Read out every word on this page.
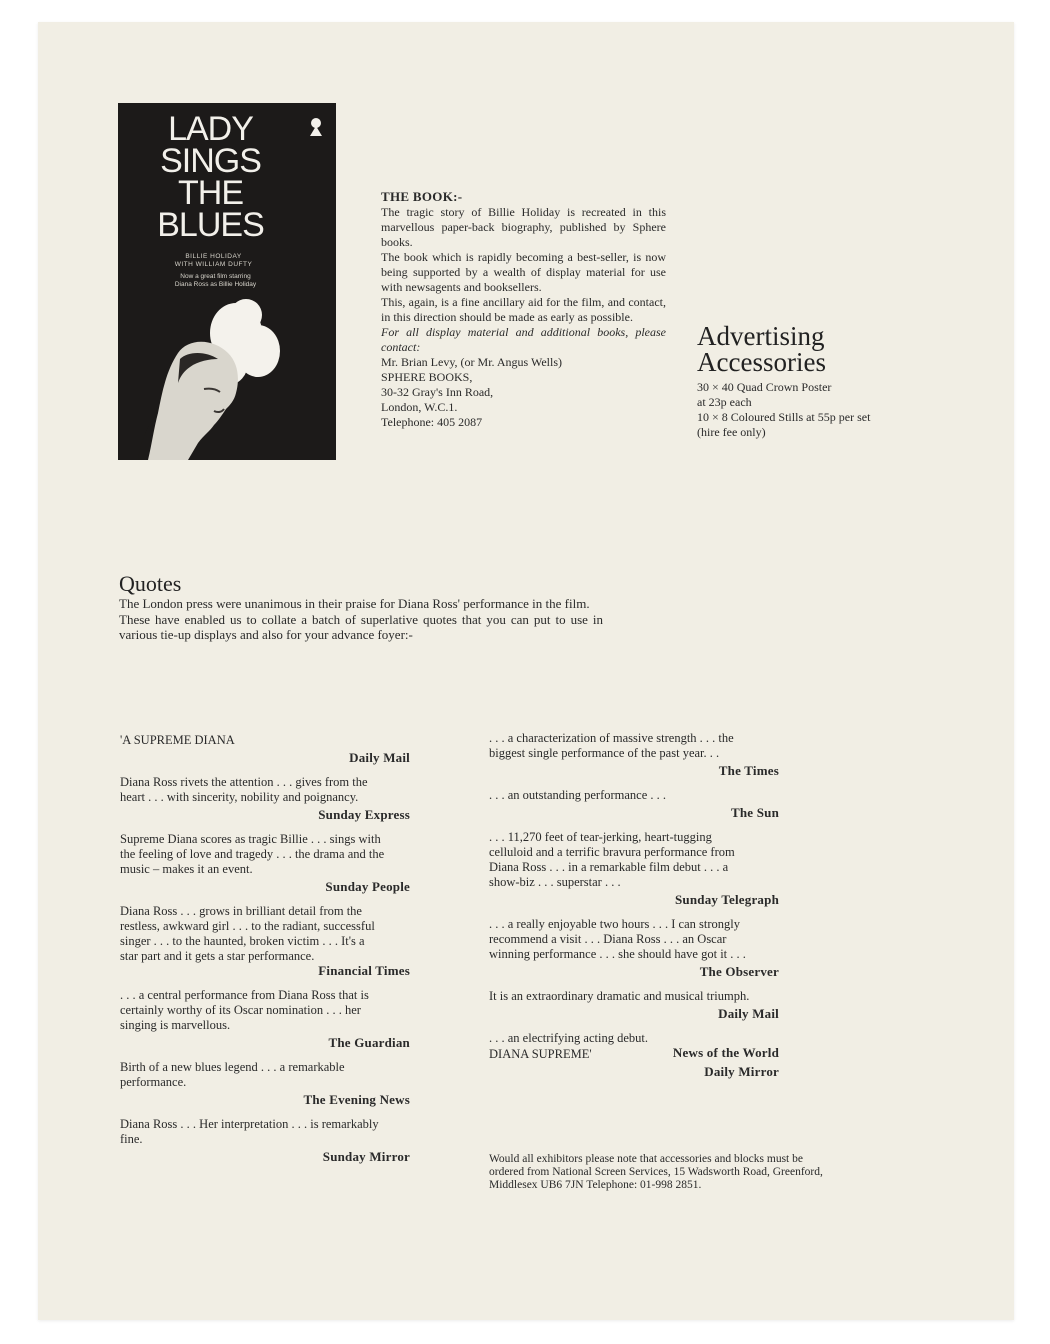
LADY
SINGS
THE
BLUES
BILLIE HOLIDAY
WITH WILLIAM DUFTY
Now a great film starring
Diana Ross as Billie Holiday

THE BOOK:-

The tragic story of Billie Holiday is recreated in this marvellous paper-back biography, published by Sphere books.

The book which is rapidly becoming a best-seller, is now being supported by a wealth of display material for use with newsagents and booksellers.

This, again, is a fine ancillary aid for the film, and contact, in this direction should be made as early as possible.

For all display material and additional books, please contact:

Mr. Brian Levy, (or Mr. Angus Wells)

SPHERE BOOKS,

30-32 Gray's Inn Road,

London, W.C.1.

Telephone: 405 2087

Advertising
Accessories

30 × 40 Quad Crown Poster

at 23p each

10 × 8 Coloured Stills at 55p per set

(hire fee only)

Quotes

The London press were unanimous in their praise for Diana Ross' performance in the film.

These have enabled us to collate a batch of superlative quotes that you can put to use in various tie-up displays and also for your advance foyer:-

'A SUPREME DIANA
Daily Mail
Diana Ross rivets the attention . . . gives from the heart . . . with sincerity, nobility and poignancy.
Sunday Express
Supreme Diana scores as tragic Billie . . . sings with the feeling of love and tragedy . . . the drama and the music – makes it an event.
Sunday People
Diana Ross . . . grows in brilliant detail from the restless, awkward girl . . . to the radiant, successful singer . . . to the haunted, broken victim . . . It's a star part and it gets a star performance.
Financial Times
. . . a central performance from Diana Ross that is certainly worthy of its Oscar nomination . . . her singing is marvellous.
The Guardian
Birth of a new blues legend . . . a remarkable performance.
The Evening News
Diana Ross . . . Her interpretation . . . is remarkably fine.
Sunday Mirror
. . . a characterization of massive strength . . . the biggest single performance of the past year. . .
The Times
. . . an outstanding performance . . .
The Sun
. . . 11,270 feet of tear-jerking, heart-tugging celluloid and a terrific bravura performance from Diana Ross . . . in a remarkable film debut . . . a show-biz . . . superstar . . .
Sunday Telegraph
. . . a really enjoyable two hours . . . I can strongly recommend a visit . . . Diana Ross . . . an Oscar winning performance . . . she should have got it . . .
The Observer
It is an extraordinary dramatic and musical triumph.
Daily Mail
. . . an electrifying acting debut.
News of the World
DIANA SUPREME'
Daily Mirror
Would all exhibitors please note that accessories and blocks must be ordered from National Screen Services, 15 Wadsworth Road, Greenford, Middlesex UB6 7JN Telephone: 01-998 2851.
